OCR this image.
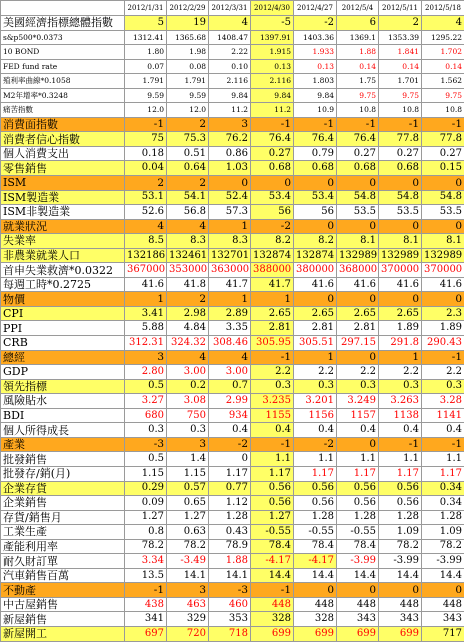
	2012/1/31	2012/2/29	2012/3/31	2012/4/30	2012/4/27	2012/5/4	2012/5/11	2012/5/18
美國經濟指標總體指數	5	19	4	-5	-2	6	2	4
s&p500*0.0373	1312.41	1365.68	1408.47	1397.91	1403.36	1369.1	1353.39	1295.22
10 BOND	1.80	1.98	2.22	1.915	1.933	1.88	1.841	1.702
FED fund rate	0.07	0.08	0.10	0.13	0.13	0.14	0.14	0.14
殖利率曲線*0.1058	1.791	1.791	2.116	2.116	1.803	1.75	1.701	1.562
M2年增率*0.3248	9.59	9.59	9.84	9.84	9.84	9.75	9.75	9.75
痛苦指數	12.0	12.0	11.2	11.2	10.9	10.8	10.8	10.8
消費面指數	-1	2	3	-1	-1	-1	-1	-1
消費者信心指數	75	75.3	76.2	76.4	76.4	76.4	77.8	77.8
個人消費支出	0.18	0.51	0.86	0.27	0.79	0.27	0.27	0.27
零售銷售	0.04	0.64	1.03	0.68	0.68	0.68	0.68	0.15
ISM	2	2	0	0	0	0	0	0
ISM製造業	53.1	54.1	52.4	53.4	53.4	54.8	54.8	54.8
ISM非製造業	52.6	56.8	57.3	56	56	53.5	53.5	53.5
就業狀況	4	4	1	-2	0	0	0	0
失業率	8.5	8.3	8.3	8.2	8.2	8.1	8.1	8.1
非農業就業人口	132186	132461	132701	132874	132874	132989	132989	132989
首申失業救濟*0.0322	367000	353000	363000	388000	380000	368000	370000	370000
每週工時*0.2725	41.6	41.8	41.7	41.7	41.6	41.6	41.6	41.6
物價	1	2	1	1	0	0	0	0
CPI	3.41	2.98	2.89	2.65	2.65	2.65	2.65	2.3
PPI	5.88	4.84	3.35	2.81	2.81	2.81	1.89	1.89
CRB	312.31	324.32	308.46	305.95	305.51	297.15	291.8	290.43
總經	3	4	4	-1	1	0	1	-1
GDP	2.80	3.00	3.00	2.2	2.2	2.2	2.2	2.2
領先指標	0.5	0.2	0.7	0.3	0.3	0.3	0.3	0.3
風險貼水	3.27	3.08	2.99	3.235	3.201	3.249	3.263	3.28
BDI	680	750	934	1155	1156	1157	1138	1141
個人所得成長	0.3	0.3	0.4	0.4	0.4	0.4	0.4	0.4
產業	-3	3	-2	-1	-2	0	-1	-1
批發銷售	0.5	1.4	0	1.1	1.1	1.1	1.1	1.1
批發存/銷(月)	1.15	1.15	1.17	1.17	1.17	1.17	1.17	1.17
企業存貨	0.29	0.57	0.77	0.56	0.56	0.56	0.56	0.34
企業銷售	0.09	0.65	1.12	0.56	0.56	0.56	0.56	0.34
存貨/銷售月	1.27	1.27	1.28	1.27	1.28	1.28	1.28	1.28
工業生產	0.8	0.63	0.43	-0.55	-0.55	-0.55	1.09	1.09
產能利用率	78.2	78.2	78.9	78.4	78.4	78.4	78.2	78.2
耐久財訂單	3.34	-3.49	1.88	-4.17	-4.17	-3.99	-3.99	-3.99
汽車銷售百萬	13.5	14.1	14.1	14.4	14.4	14.4	14.4	14.4
不動產	-1	3	-3	-1	0	0	0	0
中古屋銷售	438	463	460	448	448	448	448	448
新屋銷售	341	329	353	328	328	343	343	343
新屋開工	697	720	718	699	699	699	699	717
